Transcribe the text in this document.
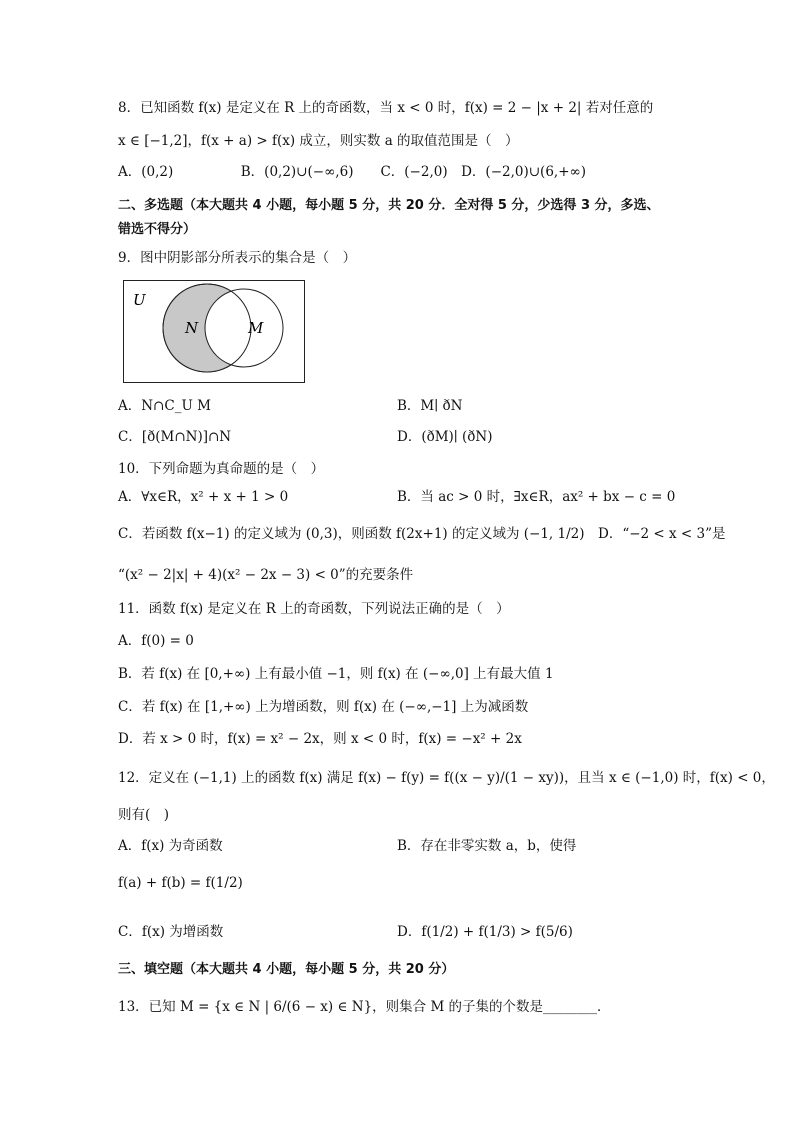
8．已知函数 f(x) 是定义在 R 上的奇函数，当 x < 0 时，f(x) = 2 − |x + 2| 若对任意的
x ∈ [−1,2]，f(x + a) > f(x) 成立，则实数 a 的取值范围是（　）
A．(0,2)　　　　　B．(0,2)∪(−∞,6)　　C．(−2,0)　D．(−2,0)∪(6,+∞)
二、多选题（本大题共 4 小题，每小题 5 分，共 20 分．全对得 5 分，少选得 3 分，多选、
错选不得分）
9．图中阴影部分所表示的集合是（　）
U
N	M
A．N∩C_U M	B．M∣ ðN
C．[ð(M∩N)]∩N	D．(ðM)∣ (ðN)
10．下列命题为真命题的是（　）
A．∀x∈R，x² + x + 1 > 0	B．当 ac > 0 时，∃x∈R，ax² + bx − c = 0
C．若函数 f(x−1) 的定义域为 (0,3)，则函数 f(2x+1) 的定义域为 (−1, 1/2)　D．“−2 < x < 3”是
“(x² − 2|x| + 4)(x² − 2x − 3) < 0”的充要条件
11．函数 f(x) 是定义在 R 上的奇函数，下列说法正确的是（　）
A．f(0) = 0
B．若 f(x) 在 [0,+∞) 上有最小值 −1，则 f(x) 在 (−∞,0] 上有最大值 1
C．若 f(x) 在 [1,+∞) 上为增函数，则 f(x) 在 (−∞,−1] 上为减函数
D．若 x > 0 时，f(x) = x² − 2x，则 x < 0 时，f(x) = −x² + 2x
12．定义在 (−1,1) 上的函数 f(x) 满足 f(x) − f(y) = f((x − y)/(1 − xy))，且当 x ∈ (−1,0) 时，f(x) < 0，
则有(　)
A．f(x) 为奇函数	B．存在非零实数 a，b，使得
f(a) + f(b) = f(1/2)
C．f(x) 为增函数	D．f(1/2) + f(1/3) > f(5/6)
三、填空题（本大题共 4 小题，每小题 5 分，共 20 分）
13．已知 M = {x ∈ N | 6/(6 − x) ∈ N}，则集合 M 的子集的个数是________．
